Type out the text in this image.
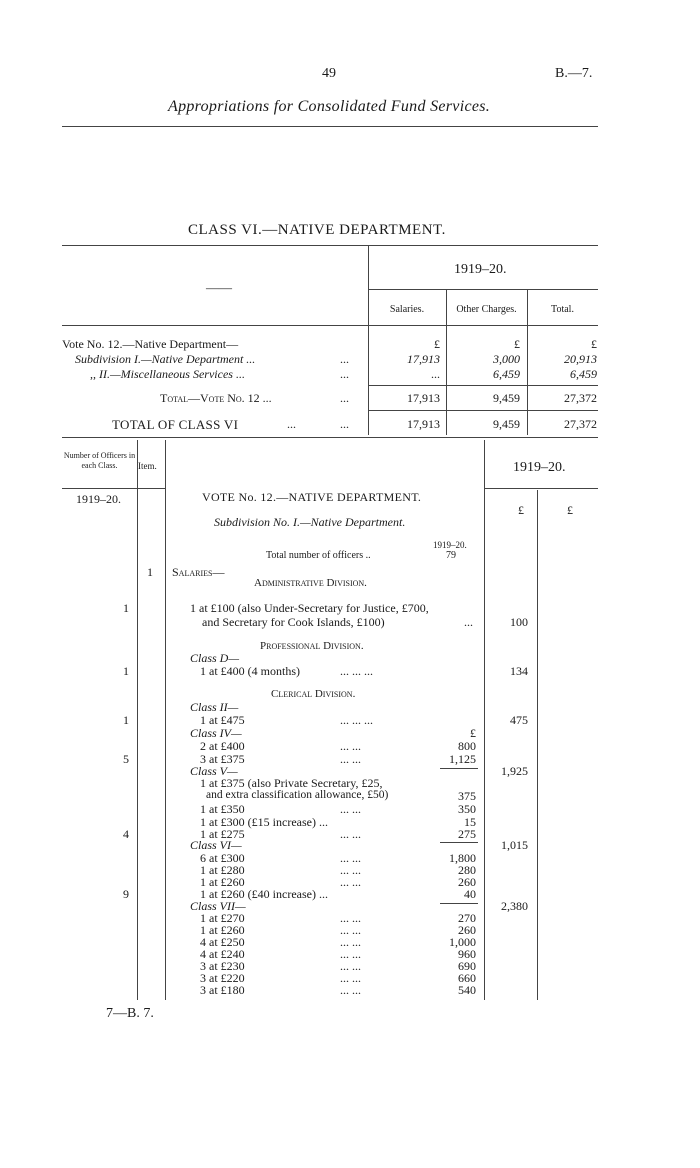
49	B.—7.
Appropriations for Consolidated Fund Services.
CLASS VI.—NATIVE DEPARTMENT.
——
1919–20.
Salaries.	Other Charges.	Total.
Vote No. 12.—Native Department—	£	£	£
Subdivision I.—Native Department ...	...	17,913	3,000	20,913
,, II.—Miscellaneous Services ...	...	...	6,459	6,459
Total—Vote No. 12 ...	...	17,913	9,459	27,372
TOTAL OF CLASS VI	...	...	17,913	9,459	27,372
Number of Officers in each Class.	Item.	1919–20.
1919–20.	VOTE No. 12.—NATIVE DEPARTMENT.
Subdivision No. I.—Native Department.
£	£
1919–20.
Total number of officers ..	79
1 Salaries—
Administrative Division.
1	1 at £100 (also Under-Secretary for Justice, £700,
and Secretary for Cook Islands, £100)	...	100
Professional Division.
Class D—
1	1 at £400 (4 months)	... ... ...	134
Clerical Division.
Class II—
1	1 at £475	... ... ...	475
Class IV—	£
2 at £400	... ...	800
5	3 at £375	... ...	1,125
1,925
Class V—
1 at £375 (also Private Secretary, £25,
and extra classification allowance, £50)	375
1 at £350	... ...	350
1 at £300 (£15 increase) ...	15
4	1 at £275	... ...	275
1,015
Class VI—
6 at £300	... ...	1,800
1 at £280	... ...	280
1 at £260	... ...	260
9	1 at £260 (£40 increase) ...	40
2,380
Class VII—
1 at £270	... ...	270
1 at £260	... ...	260
4 at £250	... ...	1,000
4 at £240	... ...	960
3 at £230	... ...	690
3 at £220	... ...	660
3 at £180	... ...	540
7—B. 7.
